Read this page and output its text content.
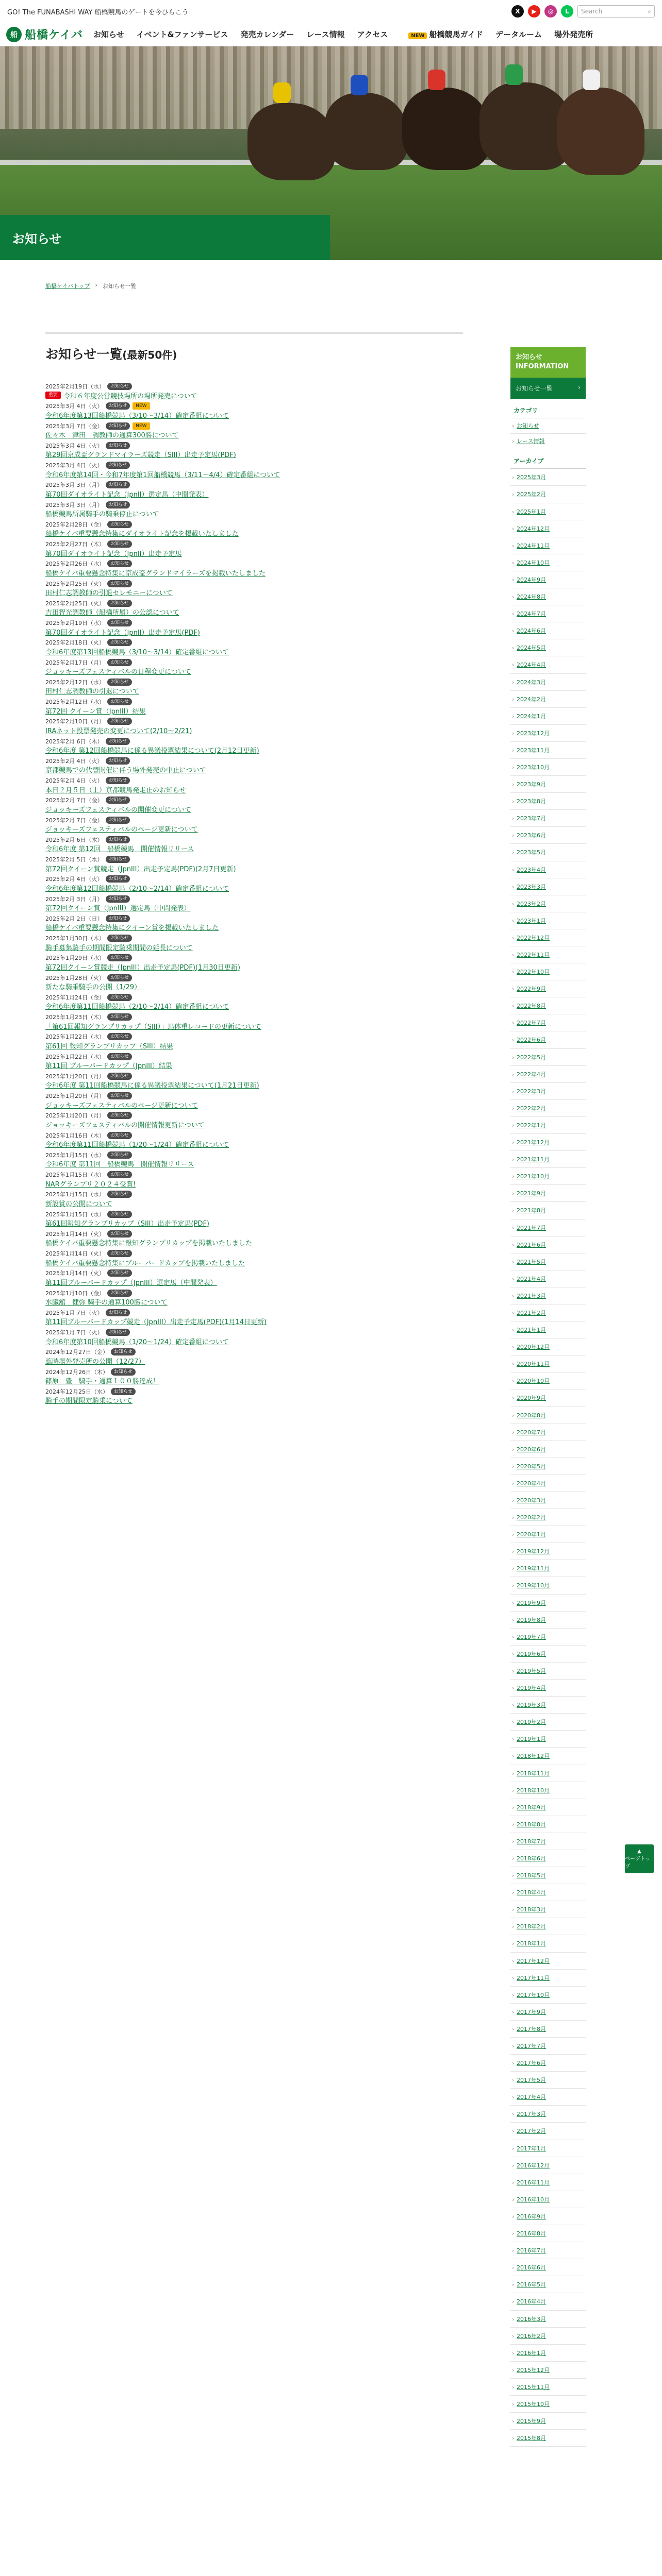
GO! The FUNABASHI WAY 船橋競馬のゲートを今ひらこう	X	▶	◎	L	Search	⌕
船 船橋ケイバ お知らせ イベント&ファンサービス 発売カレンダー レース情報 アクセス	NEW 船橋競馬ガイド データルーム 場外発売所
お知らせ
船橋ケイバトップ › お知らせ一覧
お知らせ一覧(最新50件)
2025年2月19日（水）	お知らせ
重要 令和６年度公営競技場所の場所発売について
2025年3月 4日（火）	お知らせ	NEW
令和6年度第13回船橋競馬（3/10〜3/14）確定番組について
2025年3月 7日（金）	お知らせ	NEW
佐々木　津田　調教師の通算300勝について
2025年3月 4日（火）	お知らせ
第29回京成盃グランドマイラーズ競走（SIII）出走予定馬(PDF)
2025年3月 4日（火）	お知らせ
令和6年度第14回・今和7年度第1回船橋競馬（3/11〜4/4）確定番組について
2025年3月 3日（月）	お知らせ
第70回ダイオライト記念（JpnII）選定馬（中間発表）
2025年3月 3日（月）	お知らせ
船橋競馬所属騎手の騎乗停止について
2025年2月28日（金）	お知らせ
船橋ケイバ重要懸念特集にダイオライト記念を掲載いたしました
2025年2月27日（木）	お知らせ
第70回ダイオライト記念（JpnII）出走予定馬
2025年2月26日（水）	お知らせ
船橋ケイバ重要懸念特集に京成盃グランドマイラーズを掲載いたしました
2025年2月25日（火）	お知らせ
田村仁志調教師の引退セレモニーについて
2025年2月25日（火）	お知らせ
吉田智光調教師（船橋所属）の公認について
2025年2月19日（水）	お知らせ
第70回ダイオライト記念（JpnII）出走予定馬(PDF)
2025年2月18日（火）	お知らせ
令和6年度第13回船橋競馬（3/10〜3/14）確定番組について
2025年2月17日（月）	お知らせ
ジョッキーズフェスティバルの日程変更について
2025年2月12日（水）	お知らせ
田村仁志調教師の引退について
2025年2月12日（水）	お知らせ
第72回 クイーン賞（JpnIII）結果
2025年2月10日（月）	お知らせ
IRAネット投票発売の変更について(2/10〜2/21)
2025年2月 6日（木）	お知らせ
令和6年度 第12回船橋競馬に係る異議投票結果について(2月12日更新)
2025年2月 4日（火）	お知らせ
京都競馬での代替開催に伴う場外発売の中止について
2025年2月 4日（火）	お知らせ
本日２月５日（土）京都競馬発走止のお知らせ
2025年2月 7日（金）	お知らせ
ジョッキーズフェスティバルの開催変更について
2025年2月 7日（金）	お知らせ
ジョッキーズフェスティバルのページ更新について
2025年2月 6日（木）	お知らせ
令和6年度 第12回　船橋競馬　開催情報リリース
2025年2月 5日（水）	お知らせ
第72回クイーン賞競走（JpnIII）出走予定馬(PDF)(2月7日更新)
2025年2月 4日（火）	お知らせ
令和6年度第12回船橋競馬（2/10〜2/14）確定番組について
2025年2月 3日（月）	お知らせ
第72回クイーン賞（JpnIII）選定馬（中間発表）
2025年2月 2日（日）	お知らせ
船橋ケイバ重要懸念特集にクイーン賞を掲載いたしました
2025年1月30日（木）	お知らせ
騎手募集騎手の期間限定騎乗期間の延長について
2025年1月29日（水）	お知らせ
第72回クイーン賞競走（JpnIII）出走予定馬(PDF)(1月30日更新)
2025年1月28日（火）	お知らせ
新たな騎乗騎手の公開（1/29）
2025年1月24日（金）	お知らせ
令和6年度第11回船橋競馬（2/10〜2/14）確定番組について
2025年1月23日（木）	お知らせ
「第61回報知グランプリカップ（SIII）」馬体重レコードの更新について
2025年1月22日（水）	お知らせ
第61回 報知グランプリカップ（SIII）結果
2025年1月22日（水）	お知らせ
第11回 ブルーバードカップ（JpnIII）結果
2025年1月20日（月）	お知らせ
令和6年度 第11回船橋競馬に係る異議投票結果について(1月21日更新)
2025年1月20日（月）	お知らせ
ジョッキーズフェスティバルのページ更新について
2025年1月20日（月）	お知らせ
ジョッキーズフェスティバルの開催情報更新について
2025年1月16日（木）	お知らせ
令和6年度第11回船橋競馬（1/20〜1/24）確定番組について
2025年1月15日（水）	お知らせ
令和6年度 第11回　船橋競馬　開催情報リリース
2025年1月15日（水）	お知らせ
NARグランプリ２０２４受賞!
2025年1月15日（水）	お知らせ
新設賞の公開について
2025年1月15日（水）	お知らせ
第61回報知グランプリカップ（SIII）出走予定馬(PDF)
2025年1月14日（火）	お知らせ
船橋ケイバ重要懸念特集に報知グランプリカップを掲載いたしました
2025年1月14日（火）	お知らせ
船橋ケイバ重要懸念特集にブルーバードカップを掲載いたしました
2025年1月14日（火）	お知らせ
第11回ブルーバードカップ（JpnIII）選定馬（中間発表）
2025年1月10日（金）	お知らせ
水臓舘　健弥 騎手の通算100勝について
2025年1月 7日（火）	お知らせ
第11回ブルーバードカップ競走（JpnIII）出走予定馬(PDF)(1月14日更新)
2025年1月 7日（火）	お知らせ
令和6年度第10回船橋競馬（1/20〜1/24）確定番組について
2024年12月27日（金）	お知らせ
臨時場外発売所の公開（12/27）
2024年12月26日（木）	お知らせ
篠原　豊　騎手・通算１００勝達成！
2024年12月25日（水）	お知らせ
騎手の期間限定騎乗について
お知らせ
INFORMATION
お知らせ一覧	›
カテゴリ
› お知らせ
› レース情報
アーカイブ
› 2025年3月
› 2025年2月
› 2025年1月
› 2024年12月
› 2024年11月
› 2024年10月
› 2024年9月
› 2024年8月
› 2024年7月
› 2024年6月
› 2024年5月
› 2024年4月
› 2024年3月
› 2024年2月
› 2024年1月
› 2023年12月
› 2023年11月
› 2023年10月
› 2023年9月
› 2023年8月
› 2023年7月
› 2023年6月
› 2023年5月
› 2023年4月
› 2023年3月
› 2023年2月
› 2023年1月
› 2022年12月
› 2022年11月
› 2022年10月
› 2022年9月
› 2022年8月
› 2022年7月
› 2022年6月
› 2022年5月
› 2022年4月
› 2022年3月
› 2022年2月
› 2022年1月
› 2021年12月
› 2021年11月
› 2021年10月
› 2021年9月
› 2021年8月
› 2021年7月
› 2021年6月
› 2021年5月
› 2021年4月
› 2021年3月
› 2021年2月
› 2021年1月
› 2020年12月
› 2020年11月
› 2020年10月
› 2020年9月
› 2020年8月
› 2020年7月
› 2020年6月
› 2020年5月
› 2020年4月
› 2020年3月
› 2020年2月
› 2020年1月
› 2019年12月
› 2019年11月
› 2019年10月
› 2019年9月
› 2019年8月
› 2019年7月
› 2019年6月
› 2019年5月
› 2019年4月
› 2019年3月
› 2019年2月
› 2019年1月
› 2018年12月
› 2018年11月
› 2018年10月
› 2018年9月
› 2018年8月
› 2018年7月
› 2018年6月
› 2018年5月
› 2018年4月
› 2018年3月
› 2018年2月
› 2018年1月
› 2017年12月
› 2017年11月
› 2017年10月
› 2017年9月
› 2017年8月
› 2017年7月
› 2017年6月
› 2017年5月
› 2017年4月
› 2017年3月
› 2017年2月
› 2017年1月
› 2016年12月
› 2016年11月
› 2016年10月
› 2016年9月
› 2016年8月
› 2016年7月
› 2016年6月
› 2016年5月
› 2016年4月
› 2016年3月
› 2016年2月
› 2016年1月
› 2015年12月
› 2015年11月
› 2015年10月
› 2015年9月
› 2015年8月
▲
ページトップ
